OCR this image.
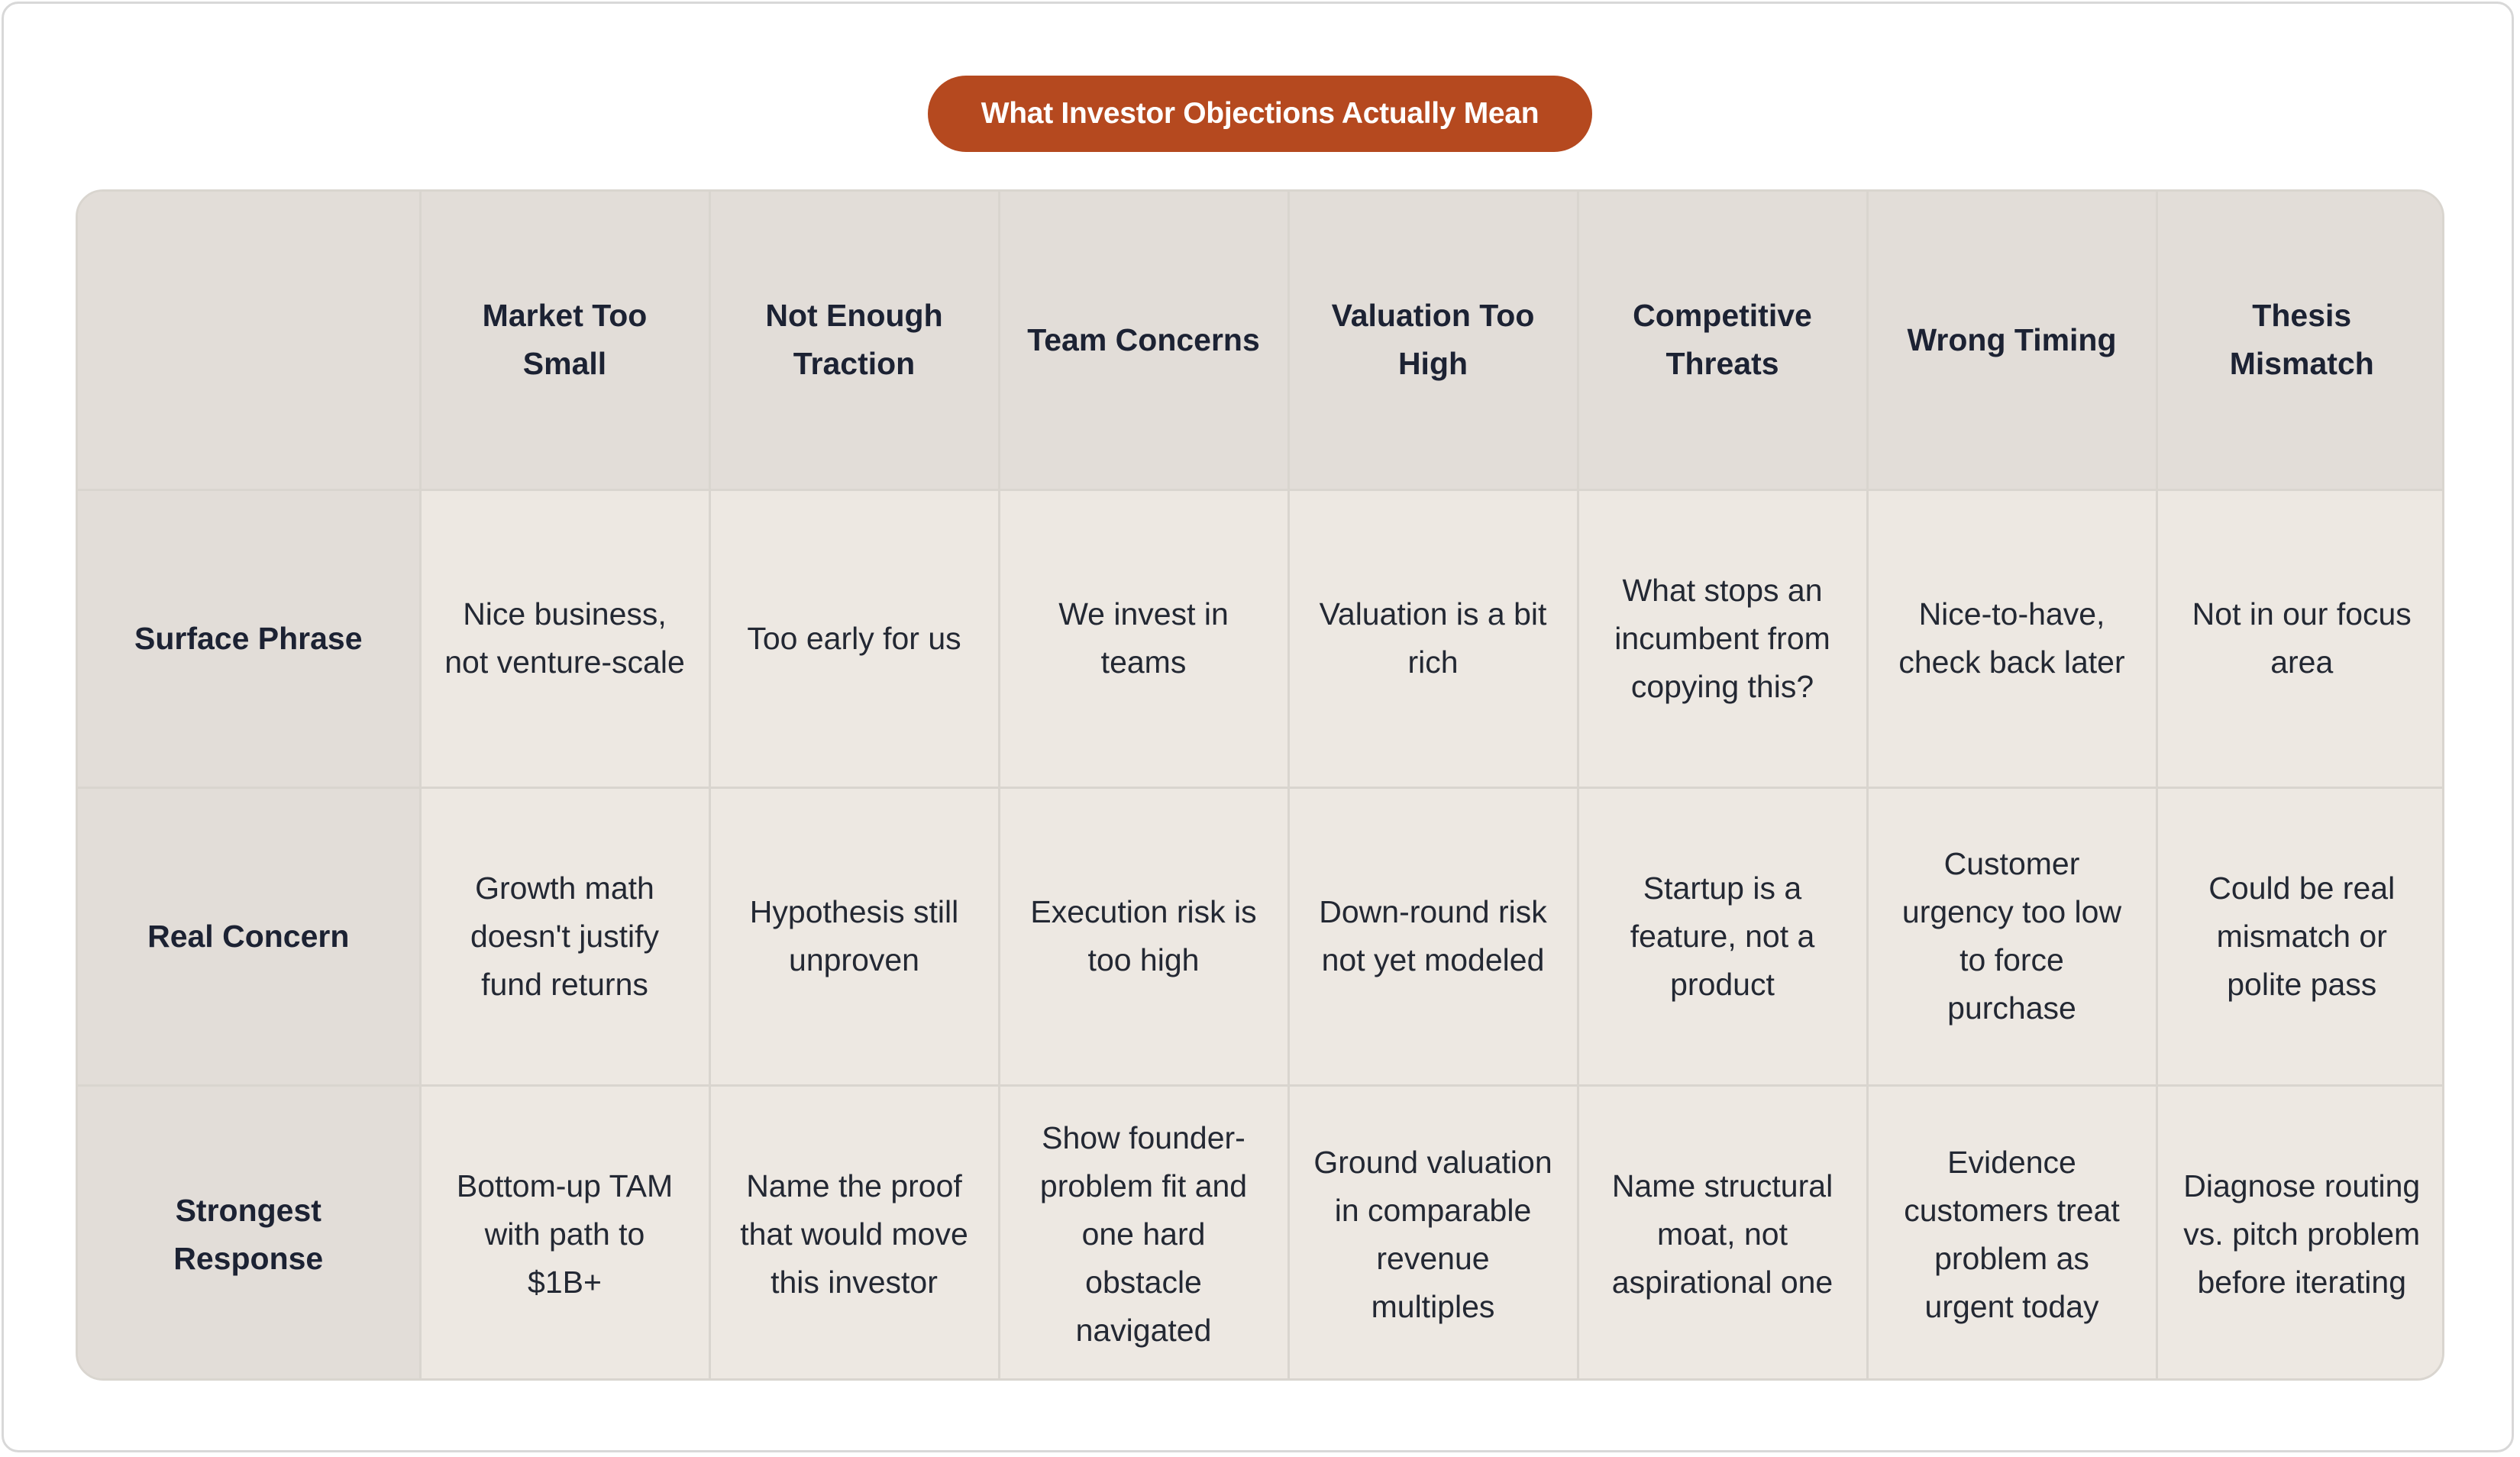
What Investor Objections Actually Mean
	Market Too Small	Not Enough Traction	Team Concerns	Valuation Too High	Competitive Threats	Wrong Timing	Thesis Mismatch
Surface Phrase	Nice business, not venture-scale	Too early for us	We invest in teams	Valuation is a bit rich	What stops an incumbent from copying this?	Nice-to-have, check back later	Not in our focus area
Real Concern	Growth math doesn't justify fund returns	Hypothesis still unproven	Execution risk is too high	Down-round risk not yet modeled	Startup is a feature, not a product	Customer urgency too low to force purchase	Could be real mismatch or polite pass
Strongest Response	Bottom-up TAM with path to $1B+	Name the proof that would move this investor	Show founder-problem fit and one hard obstacle navigated	Ground valuation in comparable revenue multiples	Name structural moat, not aspirational one	Evidence customers treat problem as urgent today	Diagnose routing vs. pitch problem before iterating
